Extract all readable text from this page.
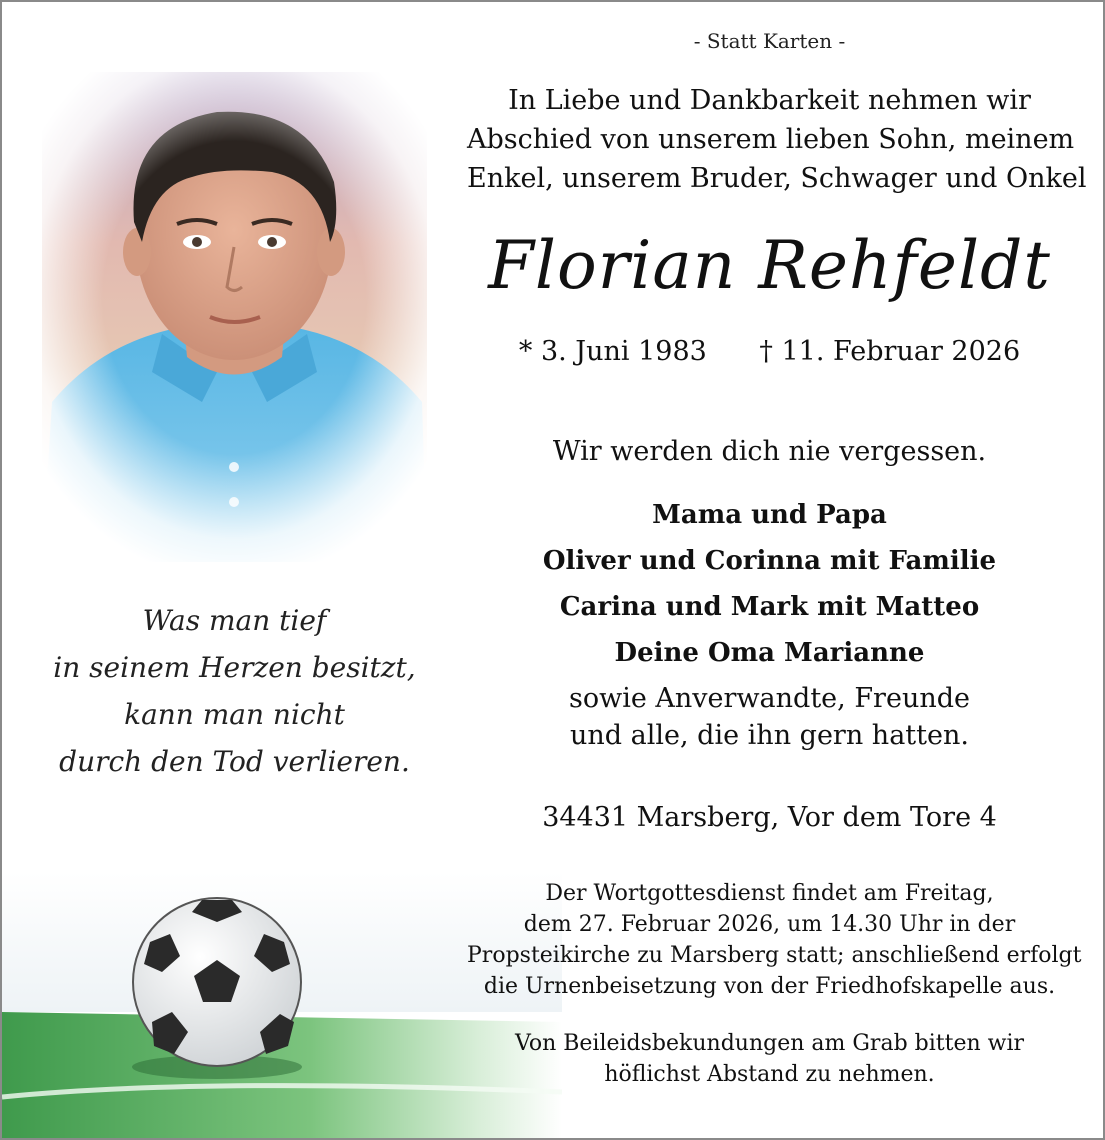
Was man tief
in seinem Herzen besitzt,
kann man nicht
durch den Tod verlieren.
- Statt Karten -
In Liebe und Dankbarkeit nehmen wir
Abschied von unserem lieben Sohn, meinem
Enkel, unserem Bruder, Schwager und Onkel
Florian Rehfeldt
* 3. Juni 1983 † 11. Februar 2026
Wir werden dich nie vergessen.
Mama und Papa
Oliver und Corinna mit Familie
Carina und Mark mit Matteo
Deine Oma Marianne
sowie Anverwandte, Freunde
und alle, die ihn gern hatten.
34431 Marsberg, Vor dem Tore 4
Der Wortgottesdienst findet am Freitag,
dem 27. Februar 2026, um 14.30 Uhr in der
Propsteikirche zu Marsberg statt; anschließend erfolgt
die Urnenbeisetzung von der Friedhofskapelle aus.
Von Beileidsbekundungen am Grab bitten wir
höflichst Abstand zu nehmen.
